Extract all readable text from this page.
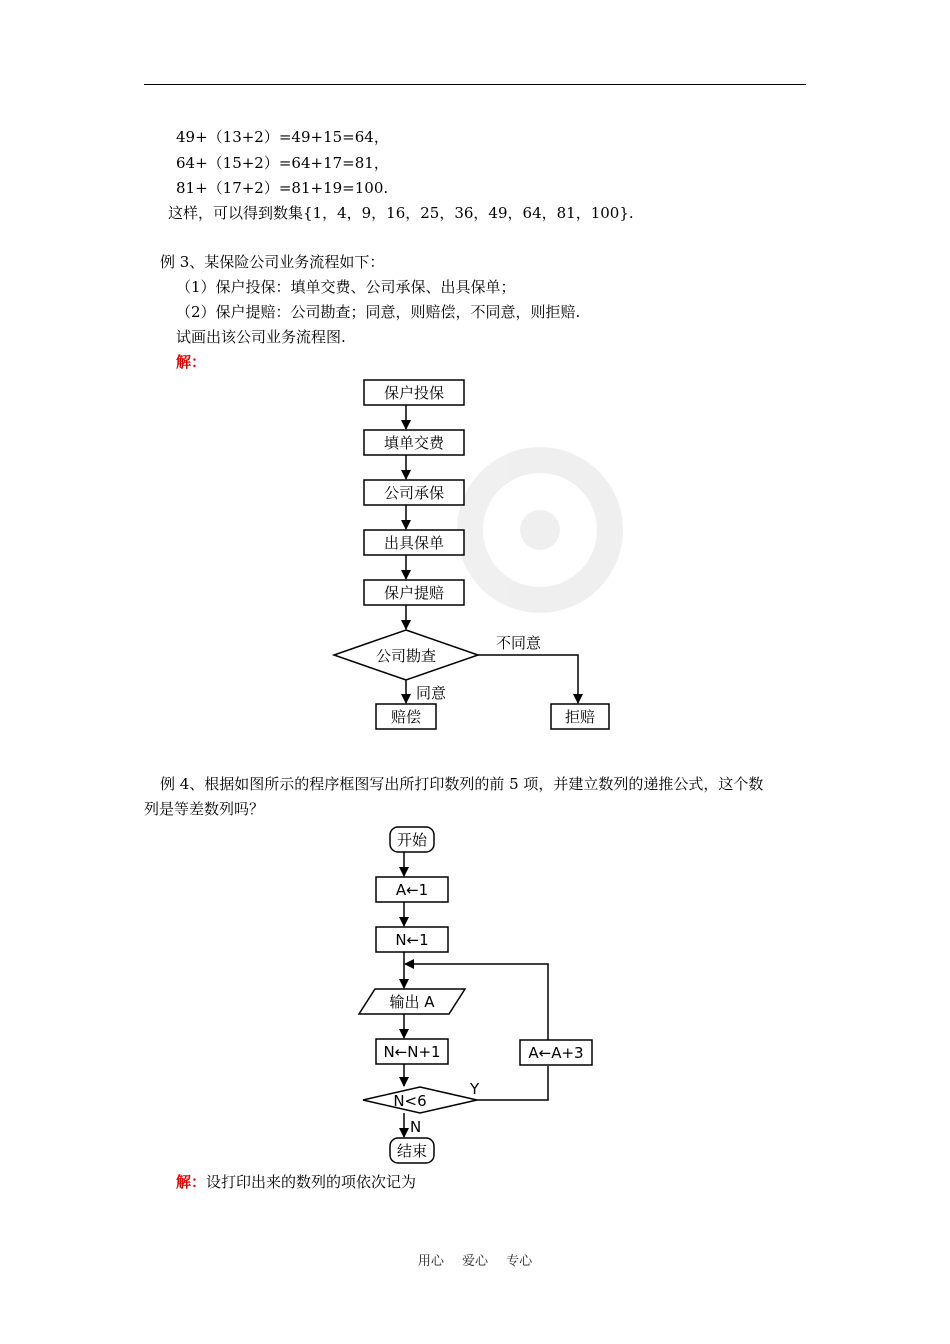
49+（13+2）=49+15=64，
64+（15+2）=64+17=81，
81+（17+2）=81+19=100.
这样，可以得到数集{1，4，9，16，25，36，49，64，81，100}.
例 3、某保险公司业务流程如下：
（1）保户投保：填单交费、公司承保、出具保单；
（2）保户提赔：公司勘查；同意，则赔偿，不同意，则拒赔.
试画出该公司业务流程图.
解：
保户投保
填单交费
公司承保
出具保单
保户提赔
公司勘查
不同意
同意
赔偿	拒赔
例 4、根据如图所示的程序框图写出所打印数列的前 5 项，并建立数列的递推公式，这个数
列是等差数列吗？
开始
A←1
N←1
输出 A
N←N+1
N<6
Y
A←A+3
N
结束
解：设打印出来的数列的项依次记为
用心 爱心 专心
